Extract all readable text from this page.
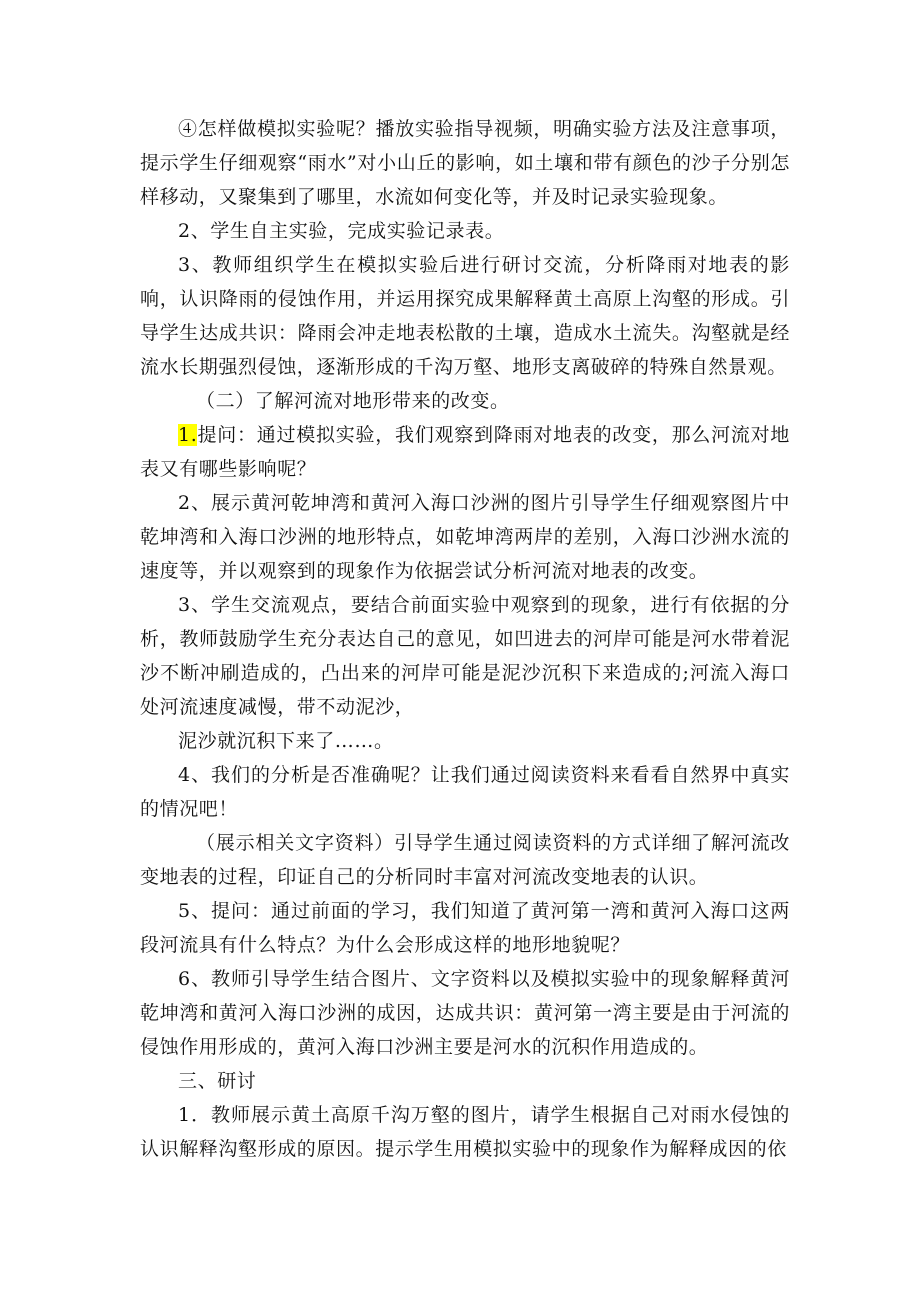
④怎样做模拟实验呢？播放实验指导视频，明确实验方法及注意事项，提示学生仔细观察“雨水”对小山丘的影响，如土壤和带有颜色的沙子分别怎样移动，又聚集到了哪里，水流如何变化等，并及时记录实验现象。

2、学生自主实验，完成实验记录表。

3、教师组织学生在模拟实验后进行研讨交流，分析降雨对地表的影响，认识降雨的侵蚀作用，并运用探究成果解释黄土高原上沟壑的形成。引导学生达成共识：降雨会冲走地表松散的土壤，造成水土流失。沟壑就是经流水长期强烈侵蚀，逐渐形成的千沟万壑、地形支离破碎的特殊自然景观。

（二）了解河流对地形带来的改变。

1.提问：通过模拟实验，我们观察到降雨对地表的改变，那么河流对地表又有哪些影响呢？

2、展示黄河乾坤湾和黄河入海口沙洲的图片引导学生仔细观察图片中乾坤湾和入海口沙洲的地形特点，如乾坤湾两岸的差别，入海口沙洲水流的速度等，并以观察到的现象作为依据尝试分析河流对地表的改变。

3、学生交流观点，要结合前面实验中观察到的现象，进行有依据的分析，教师鼓励学生充分表达自己的意见，如凹进去的河岸可能是河水带着泥沙不断冲刷造成的，凸出来的河岸可能是泥沙沉积下来造成的;河流入海口处河流速度减慢，带不动泥沙，

泥沙就沉积下来了……。

4、我们的分析是否准确呢？让我们通过阅读资料来看看自然界中真实的情况吧！

（展示相关文字资料）引导学生通过阅读资料的方式详细了解河流改变地表的过程，印证自己的分析同时丰富对河流改变地表的认识。

5、提问：通过前面的学习，我们知道了黄河第一湾和黄河入海口这两段河流具有什么特点？为什么会形成这样的地形地貌呢？

6、教师引导学生结合图片、文字资料以及模拟实验中的现象解释黄河乾坤湾和黄河入海口沙洲的成因，达成共识：黄河第一湾主要是由于河流的侵蚀作用形成的，黄河入海口沙洲主要是河水的沉积作用造成的。

三、研讨

1．教师展示黄土高原千沟万壑的图片，请学生根据自己对雨水侵蚀的认识解释沟壑形成的原因。提示学生用模拟实验中的现象作为解释成因的依
